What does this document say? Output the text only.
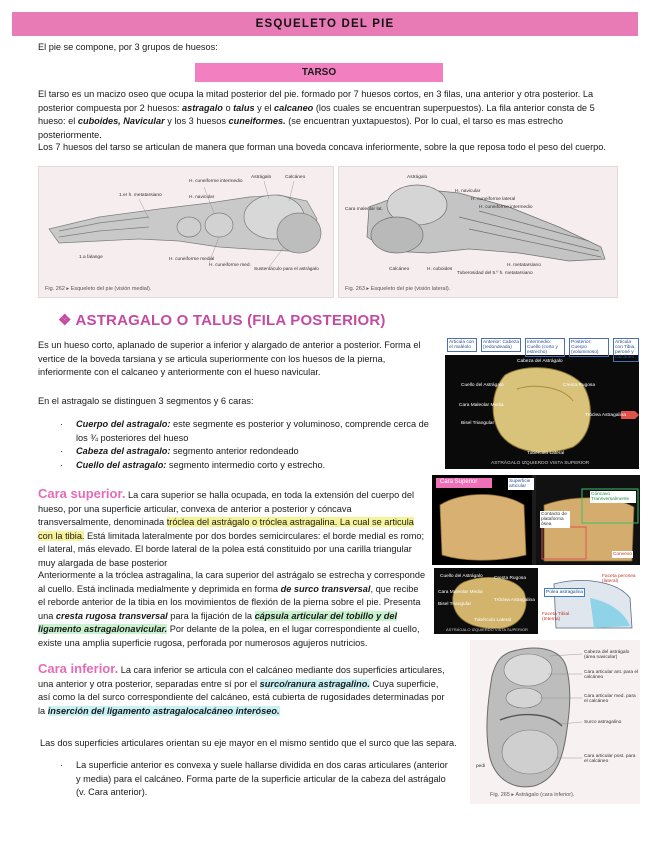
ESQUELETO DEL PIE
El pie se compone, por 3 grupos de huesos:
TARSO
El tarso es un macizo oseo que ocupa la mitad posterior del pie. formado por 7 huesos cortos, en 3 filas, una anterior y otra posterior. La posterior compuesta por 2 huesos: astragalo o talus y el calcaneo (los cuales se encuentran superpuestos). La fila anterior consta de 5 hueso: el cuboides, Navicular y los 3 huesos cuneiformes. (se encuentran yuxtapuestos). Por lo cual, el tarso es mas estrecho posteriormente.
Los 7 huesos del tarso se articulan de manera que forman una boveda concava inferiormente, sobre la que reposa todo el peso del cuerpo.
Astrágalo	Calcáneo
H. cuneiforme intermedio
H. navicular
1.er h. metatarsiano
1.a falange	H. cuneiforme medial
H. cuneiforme med.
Sustentáculo para el astrágalo
Fig. 262 ▸ Esqueleto del pie (visión medial).
Astrágalo
H. navicular
H. cuneiforme lateral
H. cuneiforme intermedio
Cara maleolar lat.
Calcáneo	H. cuboides
Tuberosidad del 5.º h. metatarsiano
H. metatarsiano
Fig. 263 ▸ Esqueleto del pie (visión lateral).
❖ ASTRAGALO O TALUS (FILA POSTERIOR)
Es un hueso corto, aplanado de superior a inferior y alargado de anterior a posterior. Forma el vertice de la boveda tarsiana y se articula superiormente con los huesos de la pierna, inferiormente con el calcaneo y anteriormente con el hueso navicular.
En el astragalo se distinguen 3 segmentos y 6 caras:
· Cuerpo del astragalo: este segmente es posterior y voluminoso, comprende cerca de los ¾ posteriores del hueso
· Cabeza del astragalo: segmento anterior redondeado
· Cuello del astragalo: segmento intermedio corto y estrecho.
Cara superior. La cara superior se halla ocupada, en toda la extensión del cuerpo del hueso, por una superficie articular, convexa de anterior a posterior y cóncava transversalmente, denominada tróclea del astrágalo o tróclea astragalina. La cual se articula con la tibia. Está limitada lateralmente por dos bordes semicirculares: el borde medial es romo; el lateral, más elevado. El borde lateral de la polea está constituido por una carilla triangular muy alargada de base posterior
Anteriormente a la tróclea astragalina, la cara superior del astrágalo se estrecha y corresponde al cuello. Está inclinada medialmente y deprimida en forma de surco transversal, que recibe el reborde anterior de la tibia en los movimientos de flexión de la pierna sobre el pie. Presenta una cresta rugosa transversal para la fijación de la cápsula articular del tobillo y del ligamento astragalonavicular. Por delante de la polea, en el lugar correspondiente al cuello, existe una amplia superficie rugosa, perforada por numerosos agujeros nutricios.
Cara inferior. La cara inferior se articula con el calcáneo mediante dos superficies articulares, una anterior y otra posterior, separadas entre sí por el surco/ranura astragalino. Cuya superficie, así como la del surco correspondiente del calcáneo, está cubierta de rugosidades determinadas por la inserción del ligamento astragalocalcáneo interóseo.
Las dos superficies articulares orientan su eje mayor en el mismo sentido que el surco que las separa.
· La superficie anterior es convexa y suele hallarse dividida en dos caras articulares (anterior y media) para el calcáneo. Forma parte de la superficie articular de la cabeza del astrágalo (v. Cara anterior).
Articula con el maléolo
Anterior: Cabeza (redondeada)
Intermedio: Cuello (corto y estrecho)
Posterior: Cuerpo (voluminoso)
Articula con Tibia, peroné y calcáneo
Cabeza del Astrágalo
Cuello del Astrágalo	Cresta Rugosa
Cara Maleolar Media
Tróclea Astragalina
Bisel Triangular
Tubérculo Lateral
ASTRÁGALO IZQUIERDO VISTA SUPERIOR
Cara Superior	Superficie articular
Contacto de plataforma ósea
Cóncavo Transversalmente
Convexo
Cuello del Astrágalo
Cara Maleolar Media
Bisel Triangular
Cresta Rugosa
Tróclea Astragalina
Tubérculo Lateral
Polea astragalina
Faceta peronea (lateral)
Faceta Tibial (Interna)
ASTRÁGALO IZQUIERDO VISTA SUPERIOR
Cabeza del astrágalo (área navicular)
Cara articular ant. para el calcáneo
Cara articular med. para el calcáneo
Surco astragalino
Cara articular post. para el calcáneo
pedi
Fig. 265 ▸ Astrágalo (cara inferior).
